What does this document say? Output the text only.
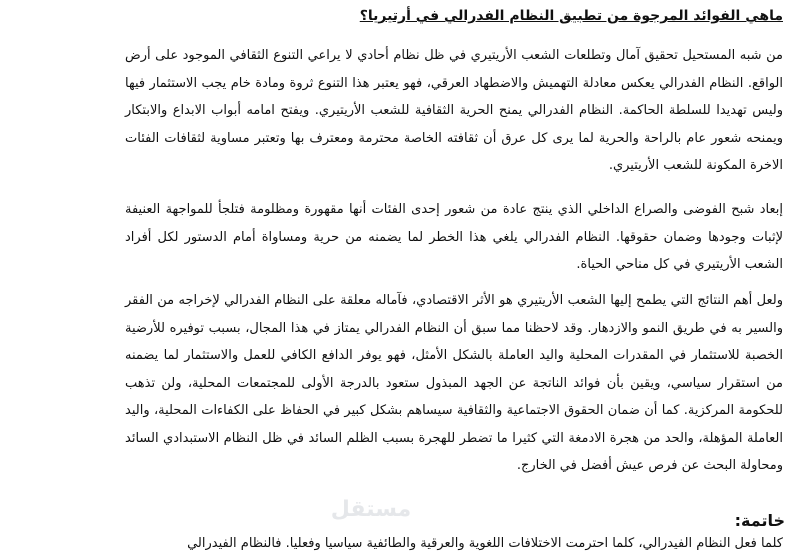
ماهي الفوائد المرجوة من تطبيق النظام الفدرالي في أرتيريا؟

من شبه المستحيل تحقيق آمال وتطلعات الشعب الأريتيري في ظل نظام أحادي لا يراعي التنوع الثقافي الموجود على أرض الواقع. النظام الفدرالي يعكس معادلة التهميش والاضطهاد العرقي، فهو يعتبر هذا التنوع ثروة ومادة خام يجب الاستثمار فيها وليس تهديدا للسلطة الحاكمة. النظام الفدرالي يمنح الحرية الثقافية للشعب الأريتيري. ويفتح امامه أبواب الابداع والابتكار ويمنحه شعور عام بالراحة والحرية لما يرى كل عرق أن ثقافته الخاصة محترمة ومعترف بها وتعتبر مساوية لثقافات الفئات الاخرة المكونة للشعب الأريتيري.

إبعاد شبح الفوضى والصراع الداخلي الذي ينتج عادة من شعور إحدى الفئات أنها مقهورة ومظلومة فتلجأ للمواجهة العنيفة لإثبات وجودها وضمان حقوقها. النظام الفدرالي يلغي هذا الخطر لما يضمنه من حرية ومساواة أمام الدستور لكل أفراد الشعب الأريتيري في كل مناحي الحياة.

ولعل أهم النتائج التي يطمح إليها الشعب الأريتيري هو الأثر الاقتصادي، فآماله معلقة على النظام الفدرالي لإخراجه من الفقر والسير به في طريق النمو والازدهار. وقد لاحظنا مما سبق أن النظام الفدرالي يمتاز في هذا المجال، بسبب توفيره للأرضية الخصبة للاستثمار في المقدرات المحلية واليد العاملة بالشكل الأمثل، فهو يوفر الدافع الكافي للعمل والاستثمار لما يضمنه من استقرار سياسي، ويقين بأن فوائد الناتجة عن الجهد المبذول ستعود بالدرجة الأولى للمجتمعات المحلية، ولن تذهب للحكومة المركزية. كما أن ضمان الحقوق الاجتماعية والثقافية سيساهم بشكل كبير في الحفاظ على الكفاءات المحلية، واليد العاملة المؤهلة، والحد من هجرة الادمغة التي كثيرا ما تضطر للهجرة بسبب الظلم السائد في ظل النظام الاستبدادي السائد ومحاولة البحث عن فرص عيش أفضل في الخارج.

خاتمة:

كلما فعل النظام الفيدرالي، كلما احترمت الاختلافات اللغوية والعرقية والطائفية سياسيا وفعليا. فالنظام الفيدرالي

مستقل
